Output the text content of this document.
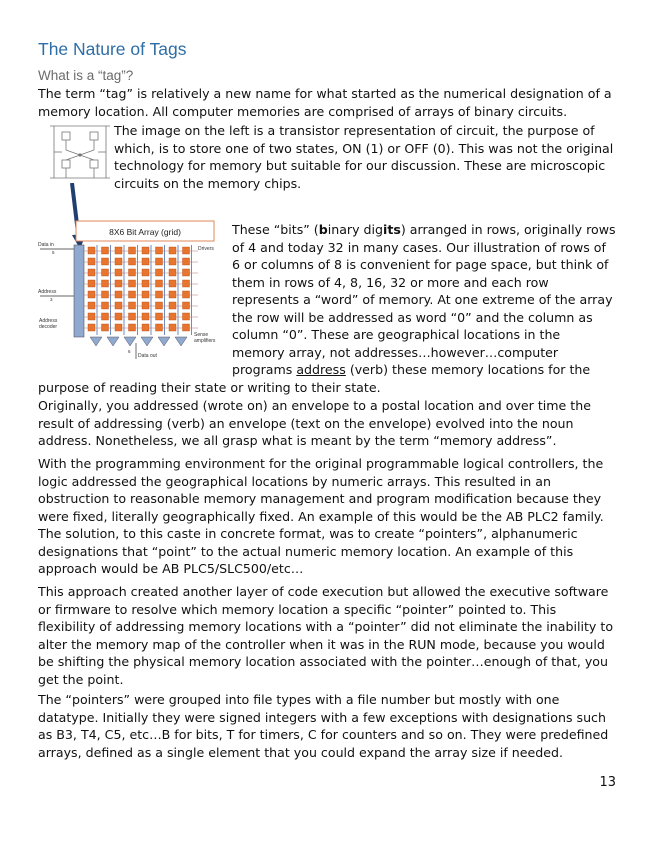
The Nature of Tags
What is a “tag”?

The term “tag” is relatively a new name for what started as the numerical designation of a memory location. All computer memories are comprised of arrays of binary circuits.

The image on the left is a transistor representation of circuit, the purpose of which, is to store one of two states, ON (1) or OFF (0). This was not the original technology for memory but suitable for our discussion. These are microscopic circuits on the memory chips.

8X6 Bit Array (grid)
Data in
6
Drivers
Address
3
Address
decoder
Sense
amplifiers
Data out
6

These “bits” (binary digits) arranged in rows, originally rows of 4 and today 32 in many cases. Our illustration of rows of 6 or columns of 8 is convenient for page space, but think of them in rows of 4, 8, 16, 32 or more and each row represents a “word” of memory. At one extreme of the array the row will be addressed as word “0” and the column as column “0”. These are geographical locations in the memory array, not addresses…however…computer programs address (verb) these memory locations for the purpose of reading their state or writing to their state.

Originally, you addressed (wrote on) an envelope to a postal location and over time the result of addressing (verb) an envelope (text on the envelope) evolved into the noun address. Nonetheless, we all grasp what is meant by the term “memory address”.

With the programming environment for the original programmable logical controllers, the logic addressed the geographical locations by numeric arrays. This resulted in an obstruction to reasonable memory management and program modification because they were fixed, literally geographically fixed. An example of this would be the AB PLC2 family. The solution, to this caste in concrete format, was to create “pointers”, alphanumeric designations that “point” to the actual numeric memory location. An example of this approach would be AB PLC5/SLC500/etc…

This approach created another layer of code execution but allowed the executive software or firmware to resolve which memory location a specific “pointer” pointed to. This flexibility of addressing memory locations with a “pointer” did not eliminate the inability to alter the memory map of the controller when it was in the RUN mode, because you would be shifting the physical memory location associated with the pointer…enough of that, you get the point.

The “pointers” were grouped into file types with a file number but mostly with one datatype. Initially they were signed integers with a few exceptions with designations such as B3, T4, C5, etc…B for bits, T for timers, C for counters and so on. They were predefined arrays, defined as a single element that you could expand the array size if needed.

13
